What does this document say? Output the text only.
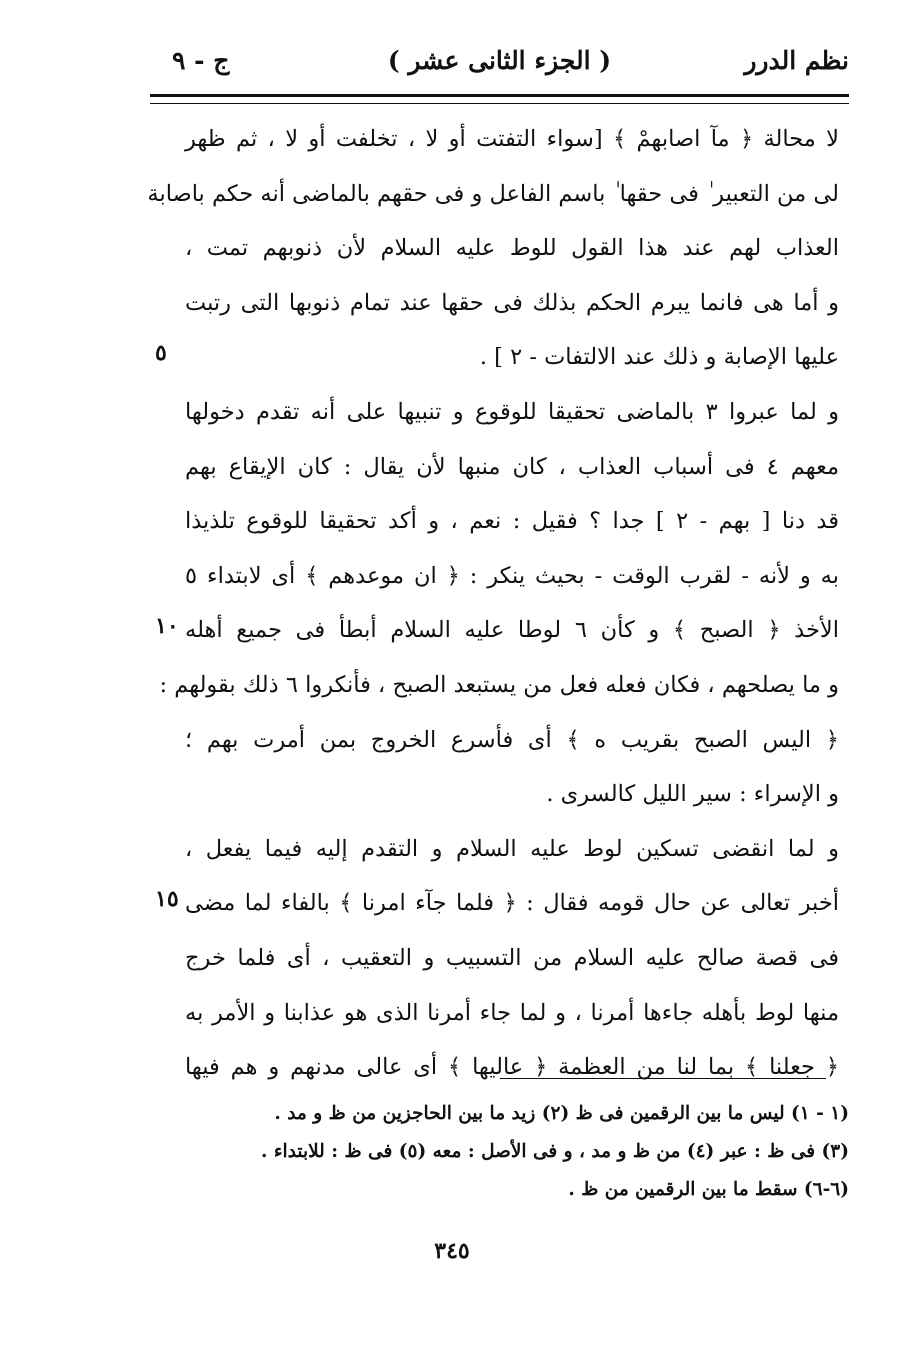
نظم الدرر
( الجزء الثانى عشر )
ج - ٩
لا محالة ﴿ مآ اصابهمْ ﴾ [سواء التفتت أو لا ، تخلفت أو لا ، ثم ظهر
لى من التعبير ٰ فى حقها ٰ باسم الفاعل و فى حقهم بالماضى أنه حكم باصابة
العذاب لهم عند هذا القول للوط عليه السلام لأن ذنوبهم تمت ،
و أما هى فانما يبرم الحكم بذلك فى حقها عند تمام ذنوبها التى رتبت
عليها الإصابة و ذلك عند الالتفات - ٢ ] .
و لما عبروا ٣ بالماضى تحقيقا للوقوع و تنبيها على أنه تقدم دخولها
معهم ٤ فى أسباب العذاب ، كان منبها لأن يقال : كان الإيقاع بهم
قد دنا [ بهم - ٢ ] جدا ؟ فقيل : نعم ، و أكد تحقيقا للوقوع تلذيذا
به و لأنه - لقرب الوقت - بحيث ينكر : ﴿ ان موعدهم ﴾ أى لابتداء ٥
الأخذ ﴿ الصبح ﴾ و كأن ٦ لوطا عليه السلام أبطأ فى جميع أهله
و ما يصلحهم ، فكان فعله فعل من يستبعد الصبح ، فأنكروا ٦ ذلك بقولهم :
﴿ اليس الصبح بقريب ه ﴾ أى فأسرع الخروج بمن أمرت بهم ؛
و الإسراء : سير الليل كالسرى .
و لما انقضى تسكين لوط عليه السلام و التقدم إليه فيما يفعل ،
أخبر تعالى عن حال قومه فقال : ﴿ فلما جآء امرنا ﴾ بالفاء لما مضى
فى قصة صالح عليه السلام من التسبيب و التعقيب ، أى فلما خرج
منها لوط بأهله جاءها أمرنا ، و لما جاء أمرنا الذى هو عذابنا و الأمر به
﴿ جعلنا ﴾ بما لنا من العظمة ﴿ عاليها ﴾ أى عالى مدنهم و هم فيها
٥
١٠
١٥
(١ - ١) ليس ما بين الرقمين فى ظ (٢) زيد ما بين الحاجزين من ظ و مد .
(٣) فى ظ : عبر (٤) من ظ و مد ، و فى الأصل : معه (٥) فى ظ : للابتداء .
(٦-٦) سقط ما بين الرقمين من ظ .
٣٤٥
